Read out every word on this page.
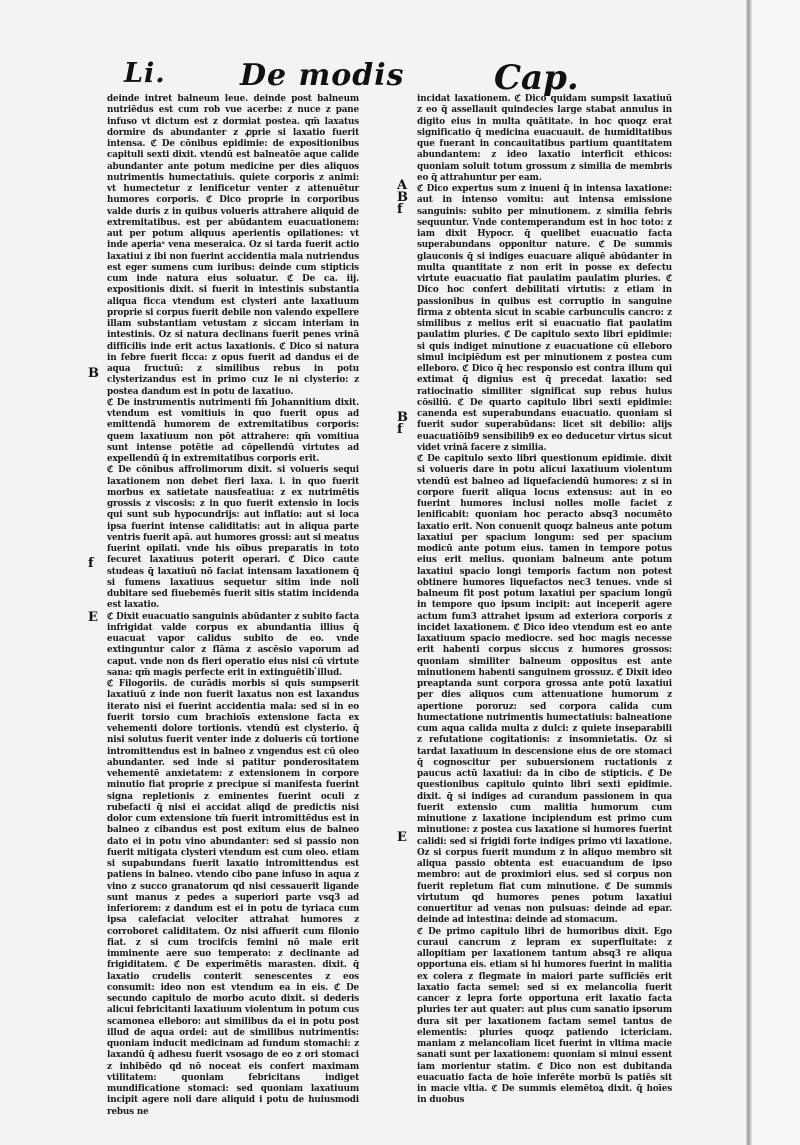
Li. De modis	Cap.

deinde intret balneum leue. deinde post balneum nutriēdus est cum rob vue acerbe: z nuce z pane infuso vt dictum est z dormiat postea. qm̄ laxatus dormire ds abundanter z ꝓprie si laxatio fuerit intensa. ℭ De cōnibus epidimie: de expositionibus capituli sexti dixit. vtendū est balneatōe aque calide abundanter ante potum medicine per dies aliquos nutrimentis humectatiuis. quiete corporis z animi: vt humectetur z lenificetur venter z attenuētur humores corporis. ℭ Dico proprie in corporibus valde duris z in quibus volueris attrahere aliquid de extremitatibus. est per abūdantem euacuationem: aut per potum aliquus aperientis opilationes: vt inde aperiaˢ vena meseraica. Oz si tarda fuerit actio laxatiui z ibi non fuerint accidentia mala nutriendus est eger sumens cum iuribus: deinde cum stipticis cum inde natura eius soluatur. ℭ De ca. iij. expositionis dixit. si fuerit in intestinis substantia aliqua ficca vtendum est clysteri ante laxatiuum proprie si corpus fuerit debile non valendo expellere illam substantiam vetustam z siccam interiam in intestinis. Oz si natura declinans fuerit penes vrinā difficilis inde erit actus laxationis. ℭ Dico si natura in febre fuerit ficca: z opus fuerit ad dandus ei de aqua fructuū: z similibus rebus in potu clysterizandus est in primo cuz le ni clysterio: z postea dandum est in potu de laxatiuo.

ℭ De instrumentis nutrimenti fm̄ Johannitium dixit. vtendum est vomitiuis in quo fuerit opus ad emittendā humorem de extremitatibus corporis: quem laxatiuum non pōt attrahere: qm̄ vomitiua sunt intense potētie ad cōpellendū virtutes ad expellendū q̄ in extremitatibus corporis erit.

ℭ De cōnibus affrolimorum dixit. si volueris sequi laxationem non debet fieri laxa. i. in quo fuerit morbus ex satietate nausfeatiua: z ex nutrimētis grossis z viscosis: z in quo fuerit extensio in locis qui sunt sub hypocundrijs: aut inflatio: aut si loca ipsa fuerint intense caliditatis: aut in aliqua parte ventris fuerit apā. aut humores grossi: aut si meatus fuerint opilati. vnde his oībus preparatis in toto fecuret laxatiuus poterit operari. ℭ Dico caute studeas q̄ laxatiuū nō faciat intensam laxationem q̄ si fumens laxatiuus sequetur sitim inde noli dubitare sed fiuebemēs fuerit sitis statim incidenda est laxatio.

ℭ Dixit euacuatio sanguinis abūdanter z subito facta infrigidat valde corpus ex abundantia illius q̄ euacuat vapor calidus subito de eo. vnde extinguntur calor z flāma z ascēsio vaporum ad caput. vnde non ds fieri operatio eius nisi cū virtute sana: qm̄ magis perfecte erit in extinguētib ̓illud.

ℭ Filogoriis. de curādis morbis si quis sumpserit laxatiuū z inde non fuerit laxatus non est laxandus iterato nisi ei fuerint accidentia mala: sed si in eo fuerit torsio cum brachioīs extensione facta ex vehementi dolore tortionis. vtendū est clysterio. q̄ nisi solutus fuerit venter inde z dolueris cū tortione intromittendus est in balneo z vngendus est cū oleo abundanter. sed inde si patitur ponderositatem vehementē anxietatem: z extensionem in corpore minutio fiat proprie z precipue si manifesta fuerint signa repletionis z eminentes fuerint oculi z rubefacti q̄ nisi ei accidat aliqd de predictis nisi dolor cum extensione tm̄ fuerit intromittēdus est in balneo z cibandus est post exitum eius de balneo dato ei in potu vino abundanter: sed si passio non fuerit mitigata clysteri vtendum est cum oleo. etiam si supabundans fuerit laxatio intromittendus est patiens in balneo. vtendo cibo pane infuso in aqua z vino z succo granatorum qd nisi cessauerit ligande sunt manus z pedes a superiori parte vsq3 ad inferiorem: z dandum est ei in potu de tyriaca cum ipsa calefaciat velociter attrahat humores z corroboret caliditatem. Oz nisi affuerit cum filonio fiat. z si cum trocifcis femini nō male erit imminente aere suo temperato: z declinante ad frigiditatem. ℭ De experimētis marasten. dixit. q̄ laxatio crudelis conterit senescentes z eos consumit: ideo non est vtendum ea in eis. ℭ De secundo capitulo de morbo acuto dixit. si dederis alicui febricitanti laxatiuum violentum in potum cus scamonea elleboro: aut similibus da ei in potu post illud de aqua ordei: aut de similibus nutrimentis: quoniam inducit medicinam ad fundum stomachi: z laxandū q̄ adhesu fuerit vsosago de eo z ori stomaci z inhibēdo qd nō noceat eis confert maximam vtilitatem: quoniam febricitans indiget mundificatione stomaci: sed quoniam laxatiuum incipit agere noli dare aliquid i potu de huiusmodi rebus ne

incidat laxationem. ℭ Dico quidam sumpsit laxatiuū z eo q̄ assellauit quindecies large stabat annulus in digito eius in multa quātitate. in hoc quoqz erat significatio q̄ medicina euacuauit. de humiditatibus que fuerant in concauitatibus partium quantitatem abundantem: z ideo laxatio interficit ethicos: quoniam soluit totum grossum z similia de membris eo q̄ attrahuntur per eam.

ℭ Dico expertus sum z inueni q̄ in intensa laxatione: aut in intenso vomitu: aut intensa emissione sanguinis: subito per minutionem. z similia febris sequuntur. Vnde contemperandum est in hoc toto: z iam dixit Hypocr. q̄ quelibet euacuatio facta superabundans opponitur nature. ℭ De summis glauconis q̄ si indiges euacuare aliquē abūdanter in multa quantitate z non erit in posse ex defectu virtute euacuatio fiat paulatim paulatim pluries. ℭ Dico hoc confert debilitati virtutis: z etiam in passionibus in quibus est corruptio in sanguine firma z obtenta sicut in scabie carbunculis cancro: z similibus z melius erit si euacuatio fiat paulatim paulatim pluries. ℭ De capitulo sexto libri epidimie: si quis indiget minutione z euacuatione cū elleboro simul incipiēdum est per minutionem z postea cum elleboro. ℭ Dico q̄ hec responsio est contra illum qui extimat q̄ dignius est q̄ precedat laxatio: sed ratiocinatio similiter significat sup rebus huius cōsiliū. ℭ De quarto capitulo libri sexti epidimie: canenda est superabundans euacuatio. quoniam si fuerit sudor superabūdans: licet sit debilio: alijs euacuatiōib9 sensibilib9 ex eo deducetur virtus sicut videt vrinā facere z similia.

ℭ De capitulo sexto libri questionum epidimie. dixit si volueris dare in potu alicui laxatiuum violentum vtendū est balneo ad liquefaciendū humores: z si in corpore fuerit aliqua locus extensus: aut in eo fuerint humores inclusi nolles molle faciet z lenificabit: quoniam hoc peracto absq3 nocumēto laxatio erit. Non conuenit quoqz balneus ante potum laxatiui per spacium longum: sed per spacium modicū ante potum eius. tamen in tempore potus eius erit melius. quoniam balneum ante potum laxatiui spacio longi temporis factum non potest obtinere humores liquefactos nec3 tenues. vnde si balneum fit post potum laxatiui per spacium longū in tempore quo ipsum incipit: aut inceperit agere actum fum3 attrahet ipsum ad exteriora corporis z incidet laxationem. ℭ Dico ideo vtendum est eo ante laxatiuum spacio mediocre. sed hoc magis necesse erit habenti corpus siccus z humores grossos: quoniam similiter balneum oppositus est ante minutionem habenti sanguinem grossuz. ℭ Dixit ideo preaptanda sunt corpora grossa ante potū laxatiui per dies aliquos cum attenuatione humorum z apertione pororuz: sed corpora calida cum humectatione nutrimentis humectatiuis: balneatione cum aqua calida multa z dulci: z quiete inseparabili z refutatione cogitationis: z insomnietatis. Oz si tardat laxatiuum in descensione eius de ore stomaci q̄ cognoscitur per subuersionem ructationis z paucus actū laxatiui: da in cibo de stipticis. ℭ De questionibus capitulo quinto libri sexti epidimie. dixit. q̄ si indiges ad curandum passionem in qua fuerit extensio cum malitia humorum cum minutione z laxatione incipiendum est primo cum minutione: z postea cus laxatione si humores fuerint calidi: sed si frigidi forte indiges primo vti laxatione. Oz si corpus fuerit mundum z in aliquo membro sit aliqua passio obtenta est euacuandum de ipso membro: aut de proximiori eius. sed si corpus non fuerit repletum fiat cum minutione. ℭ De summis virtutum qd humores penes potum laxatiui conuertitur ad venas non pulsuas: deinde ad epar. deinde ad intestina: deinde ad stomacum.

ℭ De primo capitulo libri de humoribus dixit. Ego curaui cancrum z lepram ex superfluitate: z allopitiam per laxationem tantum absq3 re aliqua opportuna eis. etiam si hi humores fuerint in malitia ex colera z flegmate in maiori parte sufficiēs erit laxatio facta semel: sed si ex melancolia fuerit cancer z lepra forte opportuna erit laxatio facta pluries ter aut quater: aut plus cum sanatio ipsorum dura sit per laxationem factam semel tantus de elementis: pluries quoqz patiendo ictericiam. maniam z melancoliam licet fuerint in vltima macie sanati sunt per laxationem: quoniam si minui essent iam morientur statim. ℭ Dico non est dubitanda euacuatio facta de hoīe inferēte morbū ls patiēs sit in macie vltia. ℭ De summis elemētoꝝ dixit. q̄ hoīes in duobus

B
f
E
A
B
f
B
f
E
